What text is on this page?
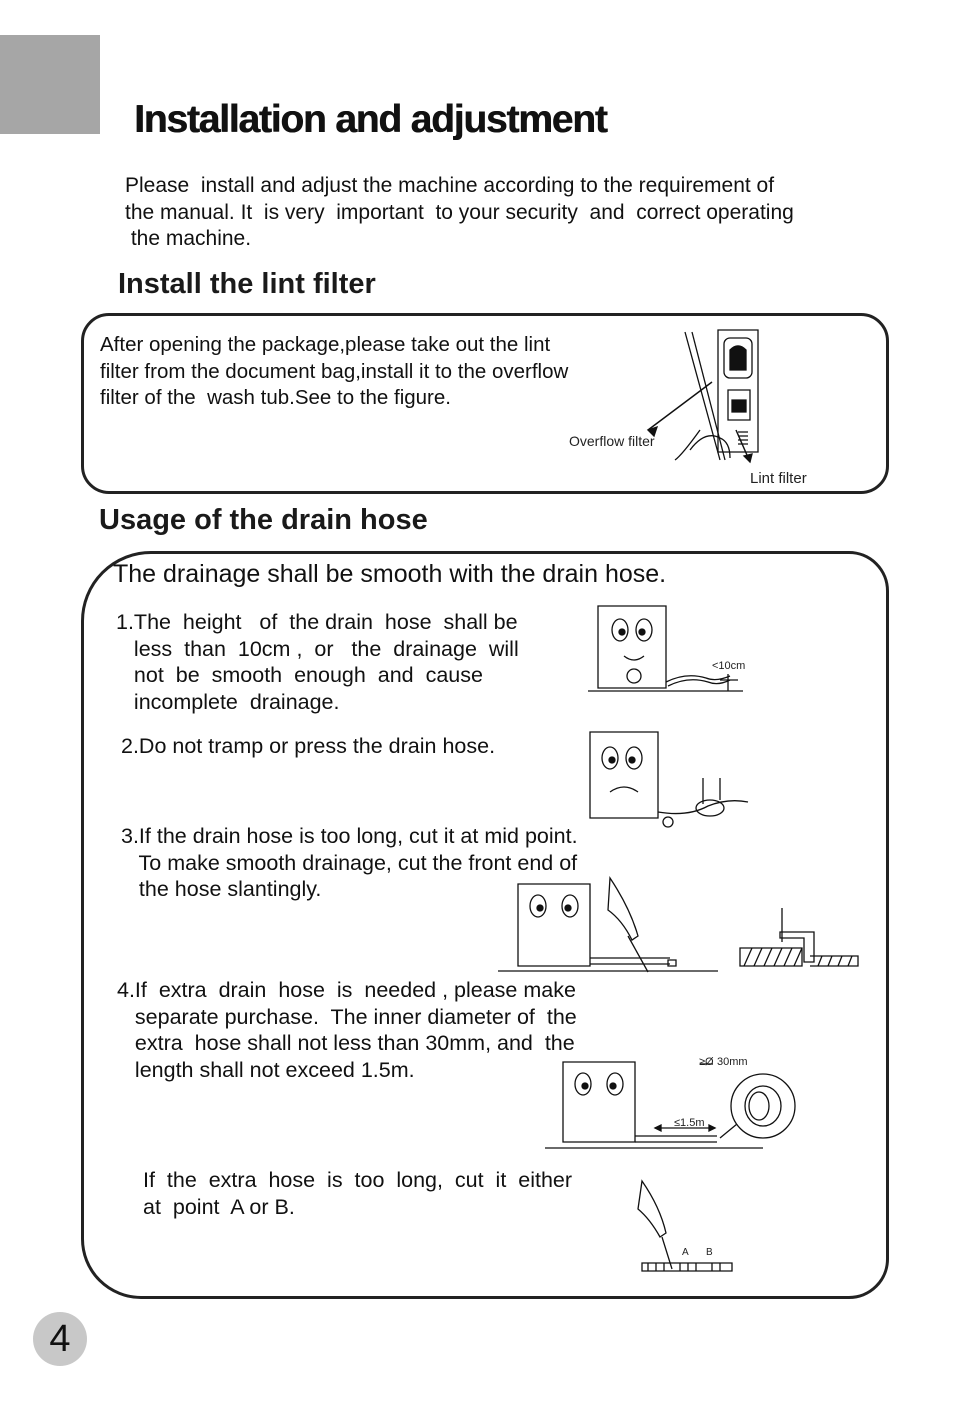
Installation and adjustment
Please  install and adjust the machine according to the requirement of
the manual. It  is very  important  to your security  and  correct operating
the machine.
Install the lint filter
After opening the package,please take out the lint
filter from the document bag,install it to the overflow
filter of the  wash tub.See to the figure.
Overflow filter
Lint filter
Usage of the drain hose
The drainage shall be smooth with the drain hose.
1.The  height   of  the drain  hose  shall be
less  than  10cm ,  or   the  drainage  will
not  be  smooth  enough  and  cause
incomplete  drainage.
<10cm
2.Do not tramp or press the drain hose.
3.If the drain hose is too long, cut it at mid point.
To make smooth drainage, cut the front end of
the hose slantingly.
4.If  extra  drain  hose  is  needed , please make
separate purchase.  The inner diameter of  the
extra  hose shall not less than 30mm, and  the
length shall not exceed 1.5m.	≥Ø 30mm
≤1.5m
If  the  extra  hose  is  too  long,  cut  it  either
at  point  A or B.
A B
4
